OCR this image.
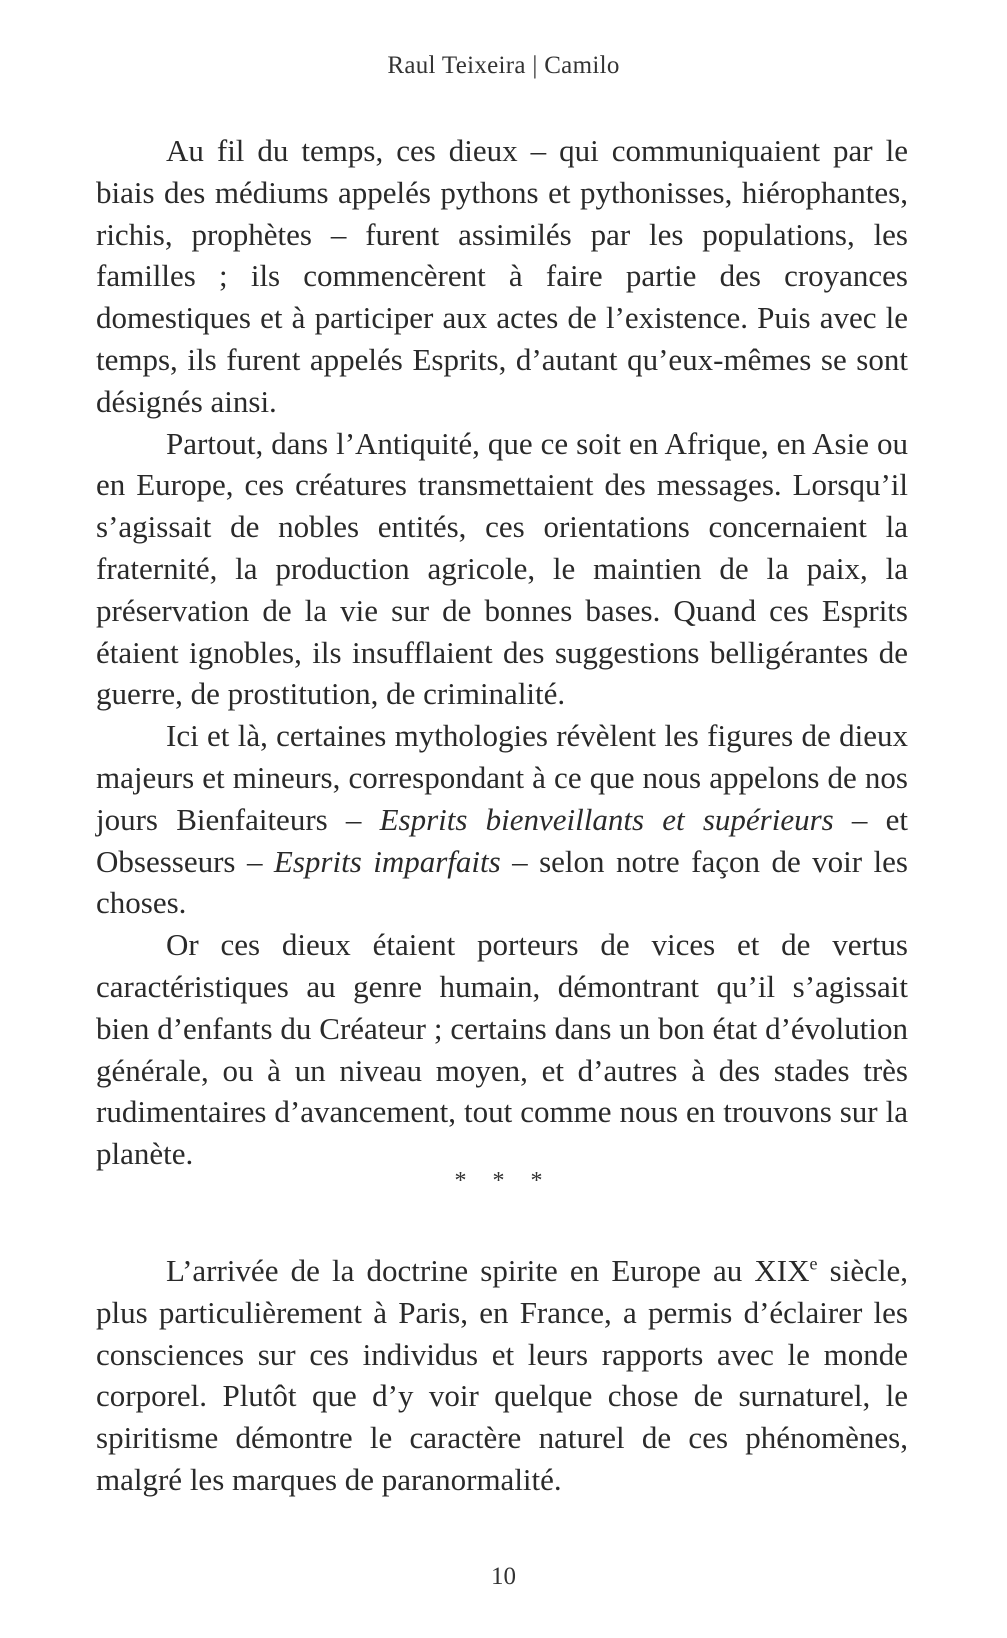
Raul Teixeira | Camilo

Au fil du temps, ces dieux – qui communiquaient par le biais des médiums appelés pythons et pythonisses, hiérophantes, richis, prophètes – furent assimilés par les populations, les familles ; ils commencèrent à faire partie des croyances domestiques et à participer aux actes de l’existence. Puis avec le temps, ils furent appelés Esprits, d’autant qu’eux-mêmes se sont désignés ainsi.

Partout, dans l’Antiquité, que ce soit en Afrique, en Asie ou en Europe, ces créatures transmettaient des messages. Lorsqu’il s’agissait de nobles entités, ces orientations concernaient la fraternité, la production agricole, le maintien de la paix, la préservation de la vie sur de bonnes bases. Quand ces Esprits étaient ignobles, ils insufflaient des suggestions belligérantes de guerre, de prostitution, de criminalité.

Ici et là, certaines mythologies révèlent les figures de dieux majeurs et mineurs, correspondant à ce que nous appelons de nos jours Bienfaiteurs – Esprits bienveillants et supérieurs – et Obsesseurs – Esprits imparfaits – selon notre façon de voir les choses.

Or ces dieux étaient porteurs de vices et de vertus caractéristiques au genre humain, démontrant qu’il s’agissait bien d’enfants du Créateur ; certains dans un bon état d’évolution générale, ou à un niveau moyen, et d’autres à des stades très rudimentaires d’avancement, tout comme nous en trouvons sur la planète.

* * *

L’arrivée de la doctrine spirite en Europe au XIXe siècle, plus particulièrement à Paris, en France, a permis d’éclairer les consciences sur ces individus et leurs rapports avec le monde corporel. Plutôt que d’y voir quelque chose de surnaturel, le spiritisme démontre le caractère naturel de ces phénomènes, malgré les marques de paranormalité.

10
